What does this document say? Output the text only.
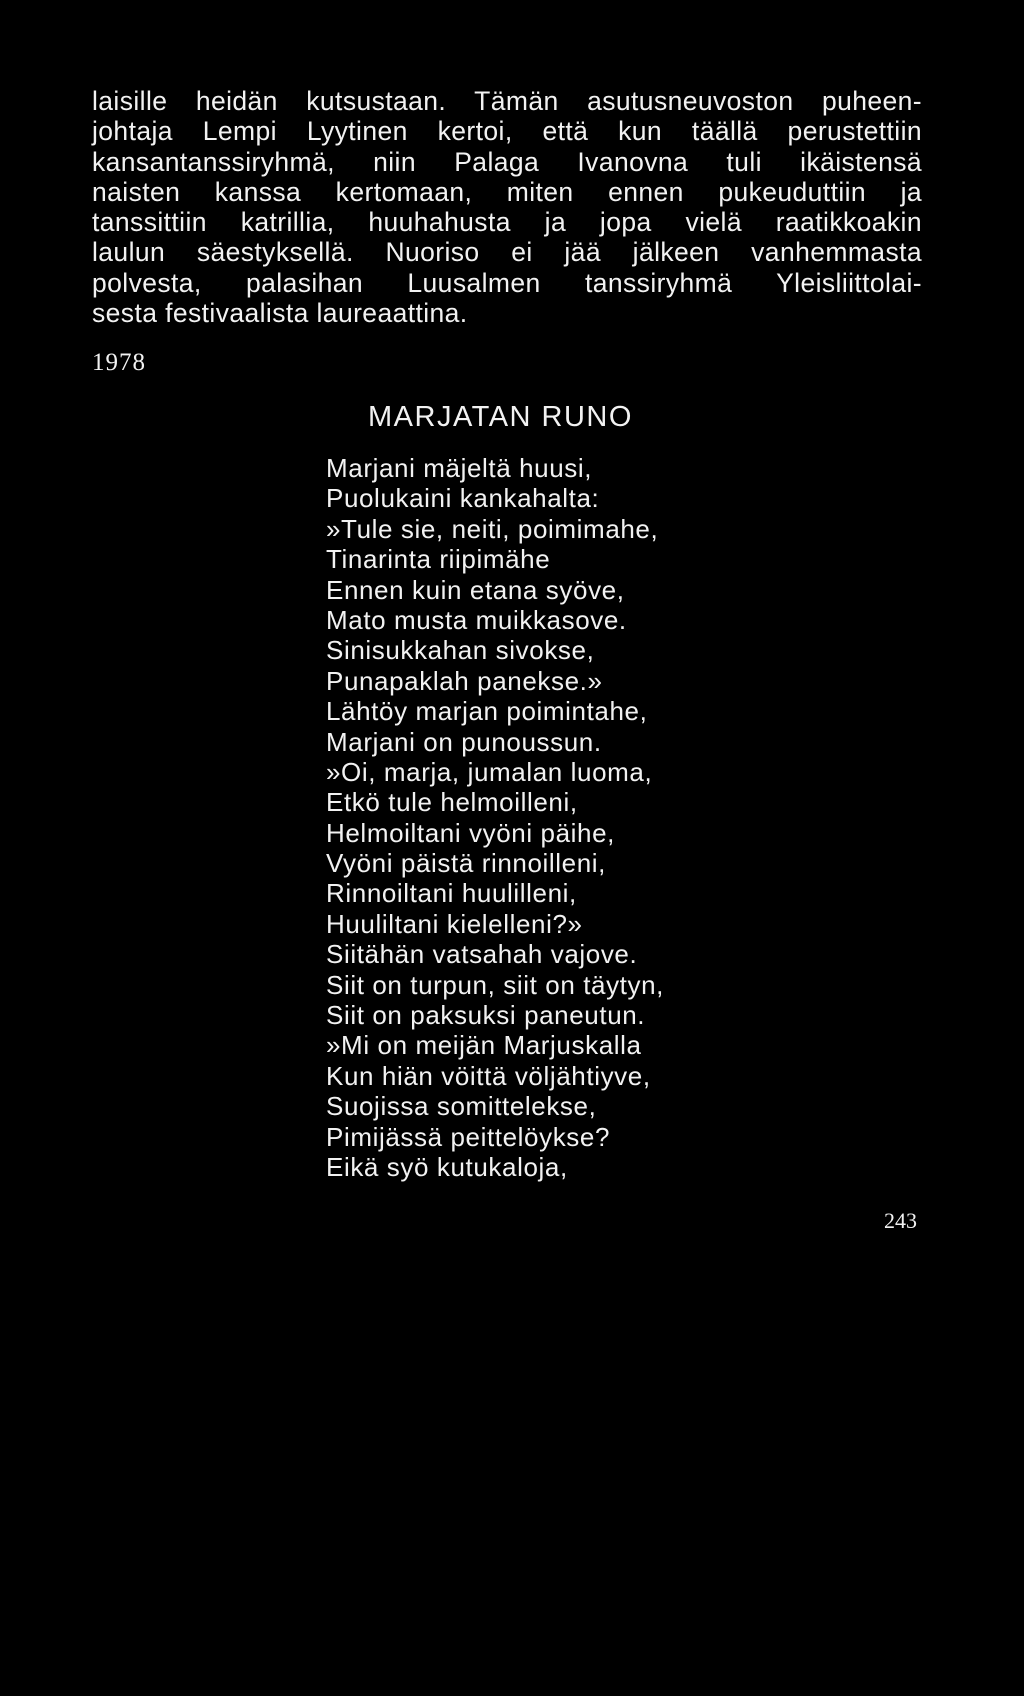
laisille heidän kutsustaan. Tämän asutusneuvoston puheen-
johtaja Lempi Lyytinen kertoi, että kun täällä perustettiin
kansantanssiryhmä, niin Palaga Ivanovna tuli ikäistensä
naisten kanssa kertomaan, miten ennen pukeuduttiin ja
tanssittiin katrillia, huuhahusta ja jopa vielä raatikkoakin
laulun säestyksellä. Nuoriso ei jää jälkeen vanhemmasta
polvesta, palasihan Luusalmen tanssiryhmä Yleisliittolai-
sesta festivaalista laureaattina.
1978
MARJATAN RUNO
Marjani mäjeltä huusi,
Puolukaini kankahalta:
»Tule sie, neiti, poimimahe,
Tinarinta riipimähe
Ennen kuin etana syöve,
Mato musta muikkasove.
Sinisukkahan sivokse,
Punapaklah panekse.»
Lähtöy marjan poimintahe,
Marjani on punoussun.
»Oi, marja, jumalan luoma,
Etkö tule helmoilleni,
Helmoiltani vyöni päihe,
Vyöni päistä rinnoilleni,
Rinnoiltani huulilleni,
Huuliltani kielelleni?»
Siitähän vatsahah vajove.
Siit on turpun, siit on täytyn,
Siit on paksuksi paneutun.
»Mi on meijän Marjuskalla
Kun hiän vöittä völjähtiyve,
Suojissa somittelekse,
Pimijässä peittelöykse?
Eikä syö kutukaloja,
243
